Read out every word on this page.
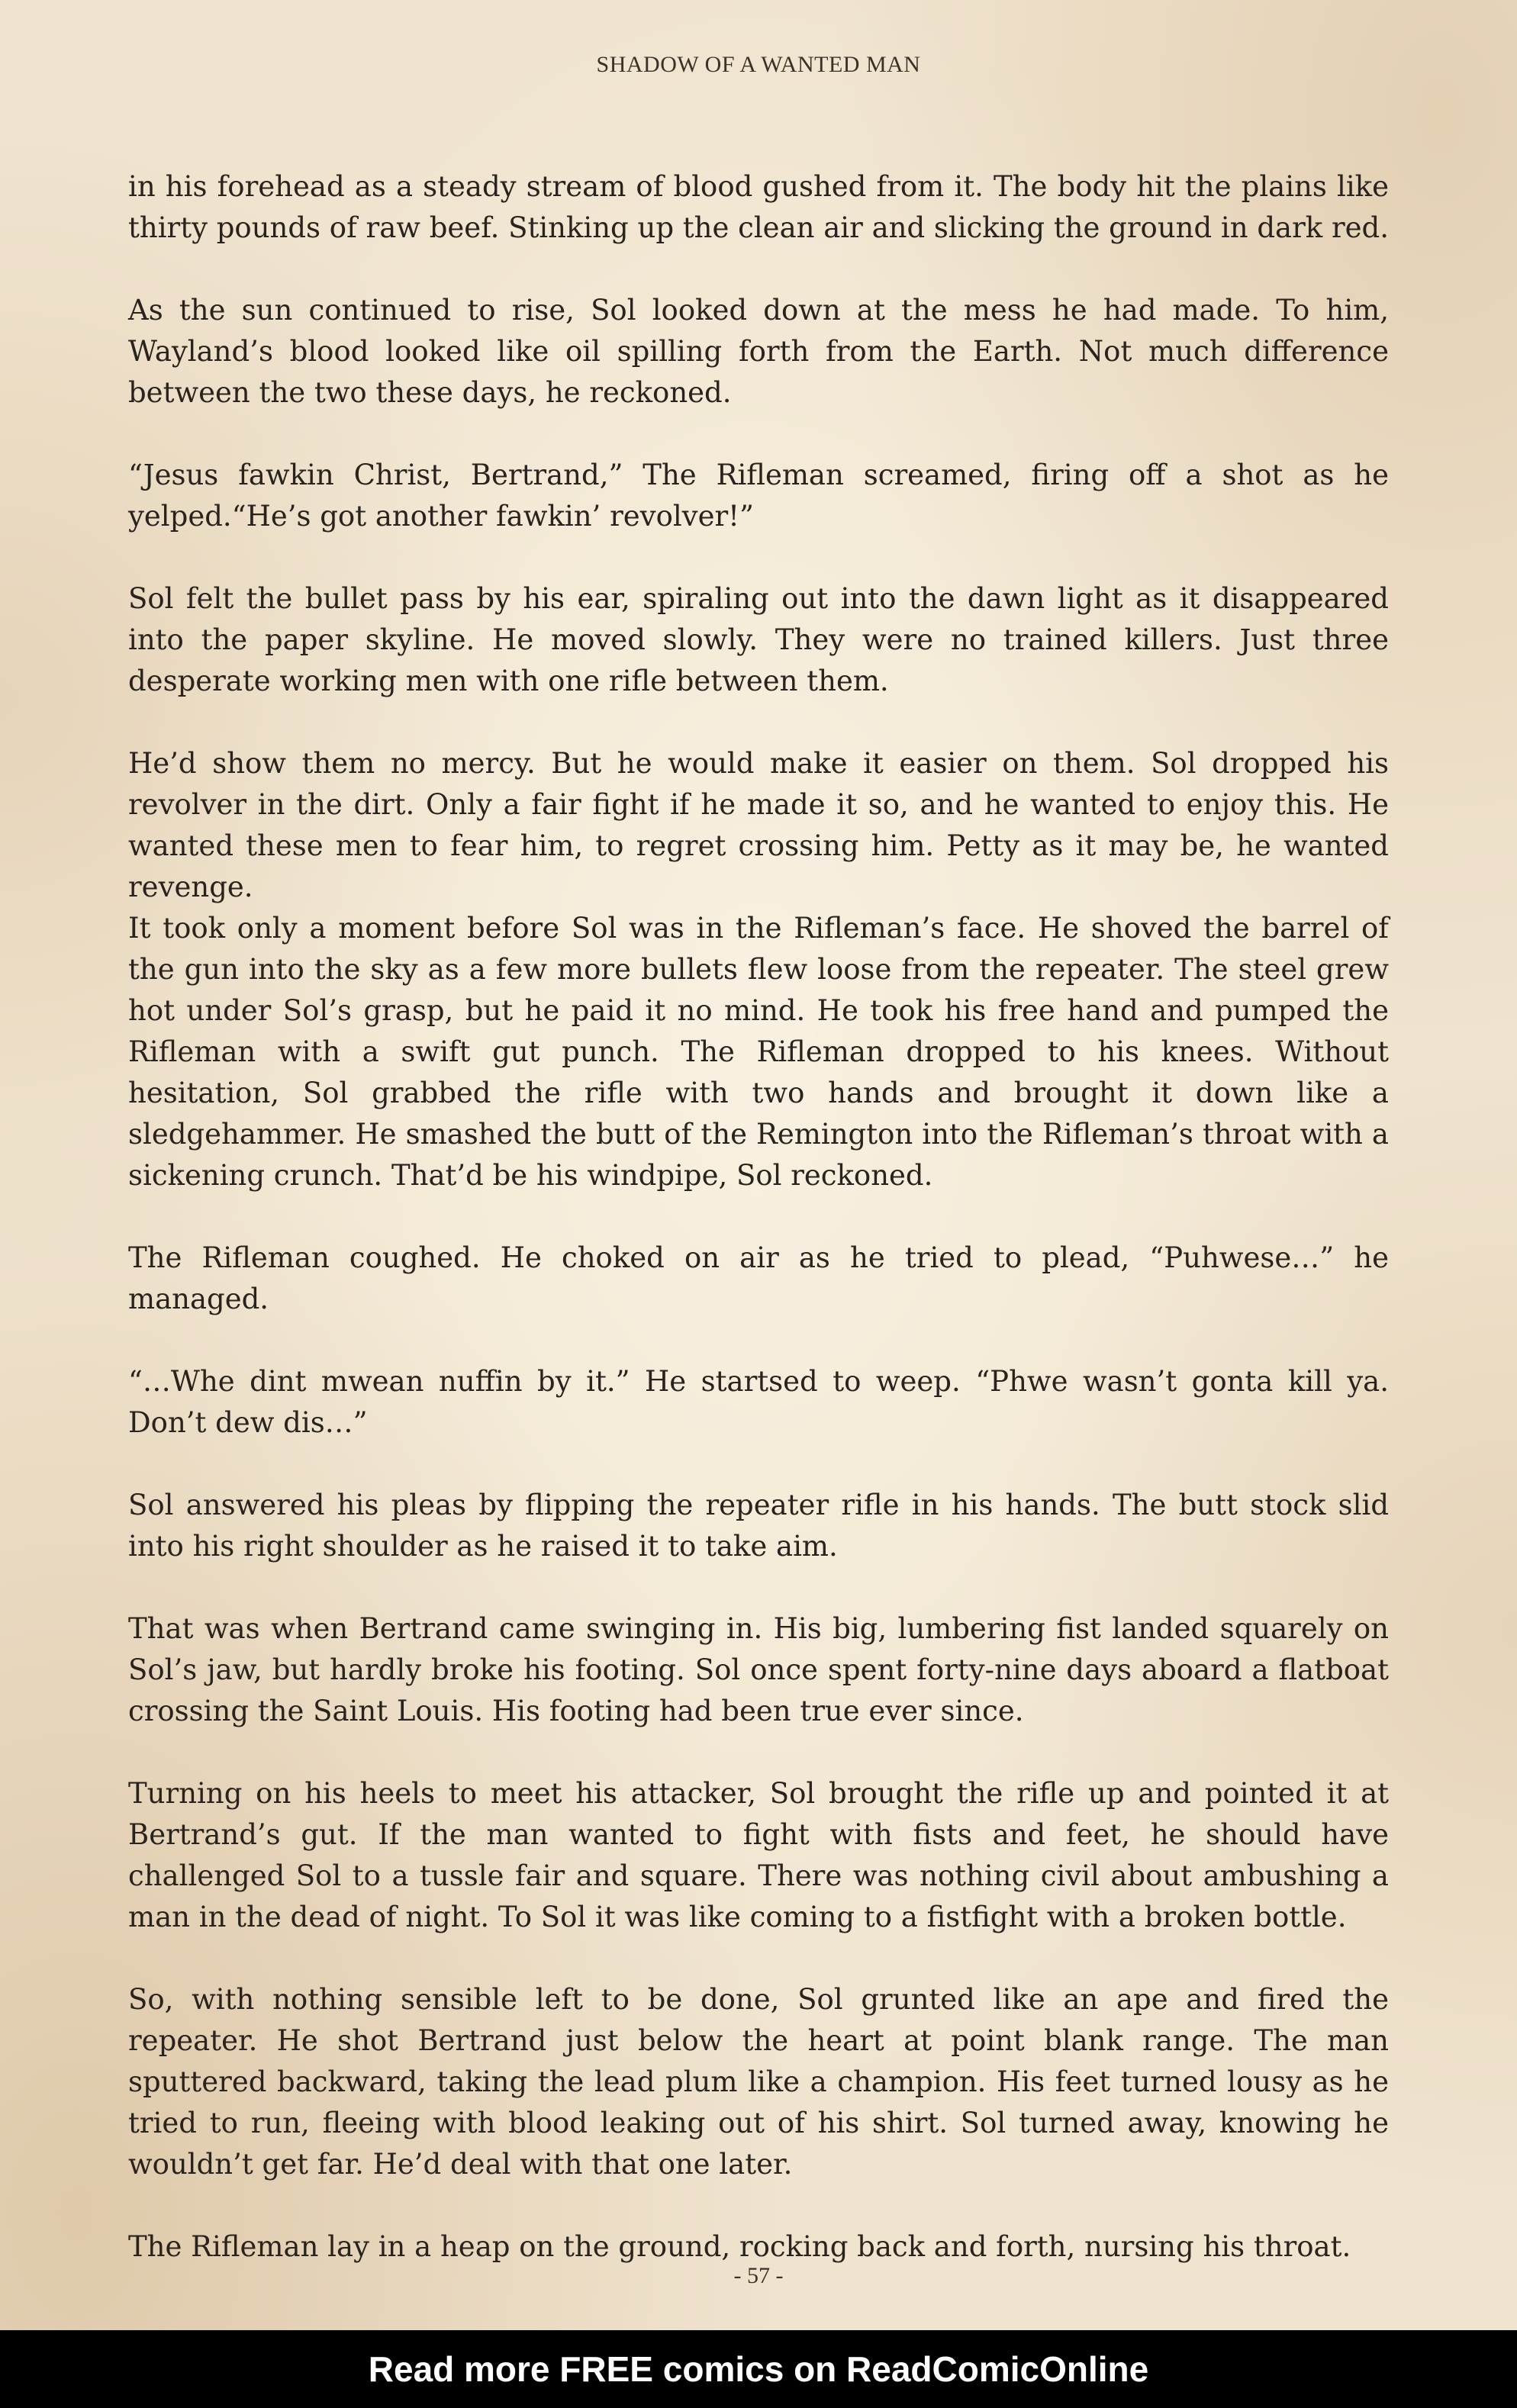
SHADOW OF A WANTED MAN

in his forehead as a steady stream of blood gushed from it. The body hit the plains like thirty pounds of raw beef. Stinking up the clean air and slicking the ground in dark red.

As the sun continued to rise, Sol looked down at the mess he had made. To him, Wayland’s blood looked like oil spilling forth from the Earth. Not much difference between the two these days, he reckoned.

“Jesus fawkin Christ, Bertrand,” The Rifleman screamed, firing off a shot as he yelped.“He’s got another fawkin’ revolver!”

Sol felt the bullet pass by his ear, spiraling out into the dawn light as it disappeared into the paper skyline. He moved slowly. They were no trained killers. Just three desperate working men with one rifle between them.

He’d show them no mercy. But he would make it easier on them. Sol dropped his revolver in the dirt. Only a fair fight if he made it so, and he wanted to enjoy this. He wanted these men to fear him, to regret crossing him. Petty as it may be, he wanted revenge.

It took only a moment before Sol was in the Rifleman’s face. He shoved the barrel of the gun into the sky as a few more bullets flew loose from the repeater. The steel grew hot under Sol’s grasp, but he paid it no mind. He took his free hand and pumped the Rifleman with a swift gut punch. The Rifleman dropped to his knees. Without hesitation, Sol grabbed the rifle with two hands and brought it down like a sledgehammer. He smashed the butt of the Remington into the Rifleman’s throat with a sickening crunch. That’d be his windpipe, Sol reckoned.

The Rifleman coughed. He choked on air as he tried to plead, “Puhwese…” he managed.

“…Whe dint mwean nuffin by it.” He startsed to weep. “Phwe wasn’t gonta kill ya. Don’t dew dis…”

Sol answered his pleas by flipping the repeater rifle in his hands. The butt stock slid into his right shoulder as he raised it to take aim.

That was when Bertrand came swinging in. His big, lumbering fist landed squarely on Sol’s jaw, but hardly broke his footing. Sol once spent forty-nine days aboard a flatboat crossing the Saint Louis. His footing had been true ever since.

Turning on his heels to meet his attacker, Sol brought the rifle up and pointed it at Bertrand’s gut. If the man wanted to fight with fists and feet, he should have challenged Sol to a tussle fair and square. There was nothing civil about ambushing a man in the dead of night. To Sol it was like coming to a fistfight with a broken bottle.

So, with nothing sensible left to be done, Sol grunted like an ape and fired the repeater. He shot Bertrand just below the heart at point blank range. The man sputtered backward, taking the lead plum like a champion. His feet turned lousy as he tried to run, fleeing with blood leaking out of his shirt. Sol turned away, knowing he wouldn’t get far. He’d deal with that one later.

The Rifleman lay in a heap on the ground, rocking back and forth, nursing his throat.

- 57 -

Read more FREE comics on ReadComicOnline
